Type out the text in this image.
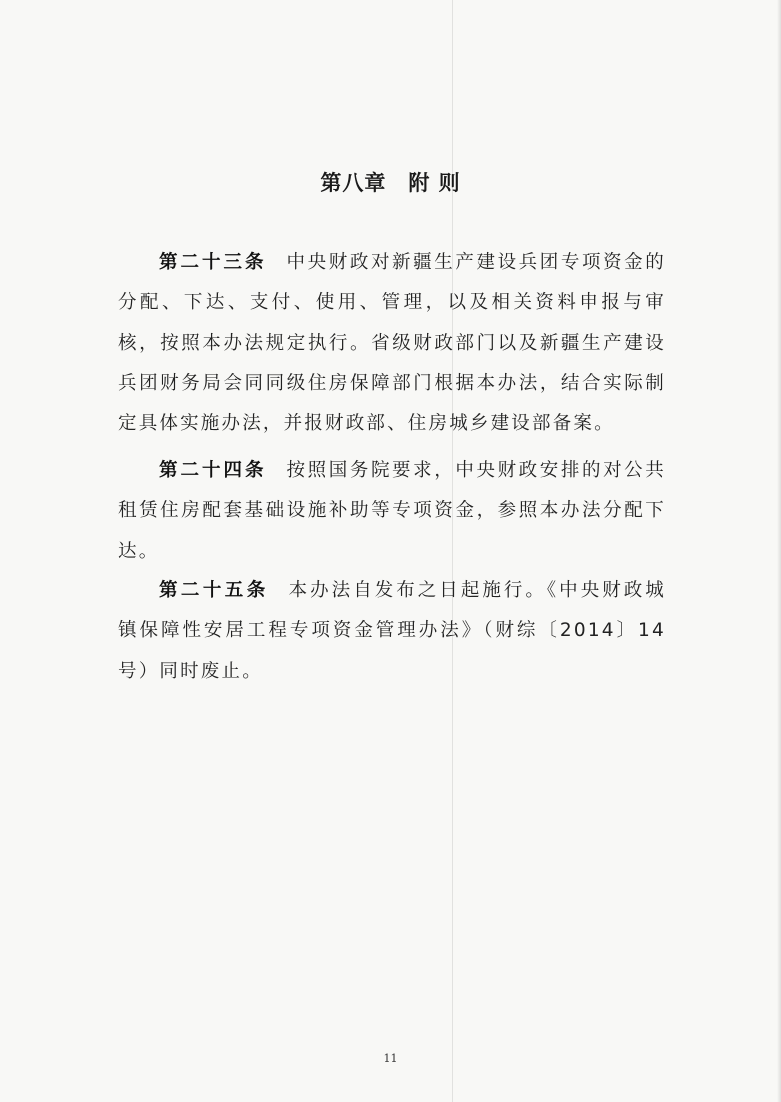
第八章 附 则

第二十三条 中央财政对新疆生产建设兵团专项资金的分配、下达、支付、使用、管理，以及相关资料申报与审核，按照本办法规定执行。省级财政部门以及新疆生产建设兵团财务局会同同级住房保障部门根据本办法，结合实际制定具体实施办法，并报财政部、住房城乡建设部备案。

第二十四条 按照国务院要求，中央财政安排的对公共租赁住房配套基础设施补助等专项资金，参照本办法分配下达。

第二十五条 本办法自发布之日起施行。《中央财政城镇保障性安居工程专项资金管理办法》（财综〔2014〕14号）同时废止。

11
